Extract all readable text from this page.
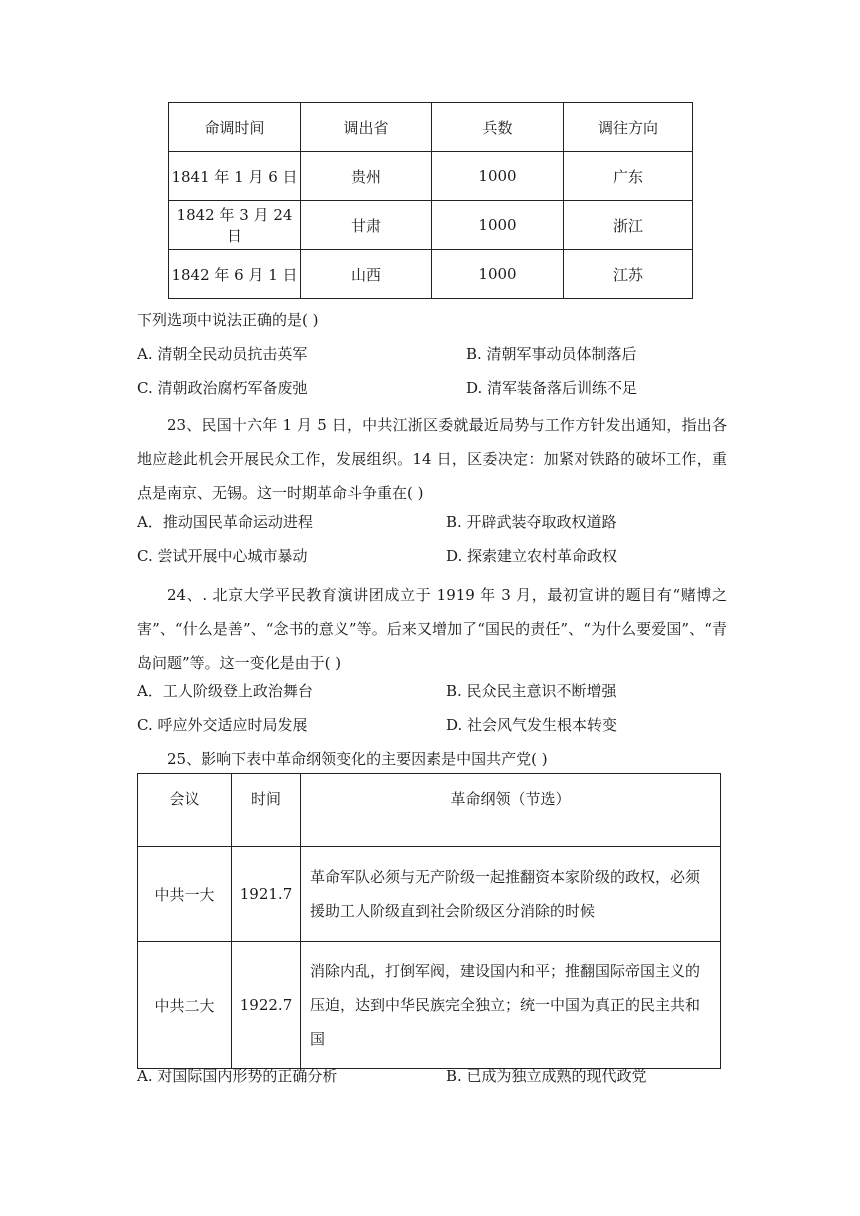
命调时间	调出省	兵数	调往方向
1841 年 1 月 6 日	贵州	1000	广东
1842 年 3 月 24 日	甘肃	1000	浙江
1842 年 6 月 1 日	山西	1000	江苏
下列选项中说法正确的是( )
A. 清朝全民动员抗击英军	B. 清朝军事动员体制落后
C. 清朝政治腐朽军备废弛	D. 清军装备落后训练不足
23、民国十六年 1 月 5 日，中共江浙区委就最近局势与工作方针发出通知，指出各地应趁此机会开展民众工作，发展组织。14 日，区委决定：加紧对铁路的破坏工作，重点是南京、无锡。这一时期革命斗争重在( )
A．推动国民革命运动进程	B. 开辟武装夺取政权道路
C. 尝试开展中心城市暴动	D. 探索建立农村革命政权
24、. 北京大学平民教育演讲团成立于 1919 年 3 月，最初宣讲的题目有“赌博之害”、“什么是善”、“念书的意义”等。后来又增加了“国民的责任”、“为什么要爱国”、“青岛问题”等。这一变化是由于( )
A．工人阶级登上政治舞台	B. 民众民主意识不断增强
C. 呼应外交适应时局发展	D. 社会风气发生根本转变
25、影响下表中革命纲领变化的主要因素是中国共产党( )
会议	时间	革命纲领（节选）
中共一大	1921.7	革命军队必须与无产阶级一起推翻资本家阶级的政权，必须援助工人阶级直到社会阶级区分消除的时候
中共二大	1922.7	消除内乱，打倒军阀，建设国内和平；推翻国际帝国主义的压迫，达到中华民族完全独立；统一中国为真正的民主共和国
A. 对国际国内形势的正确分析	B. 已成为独立成熟的现代政党
